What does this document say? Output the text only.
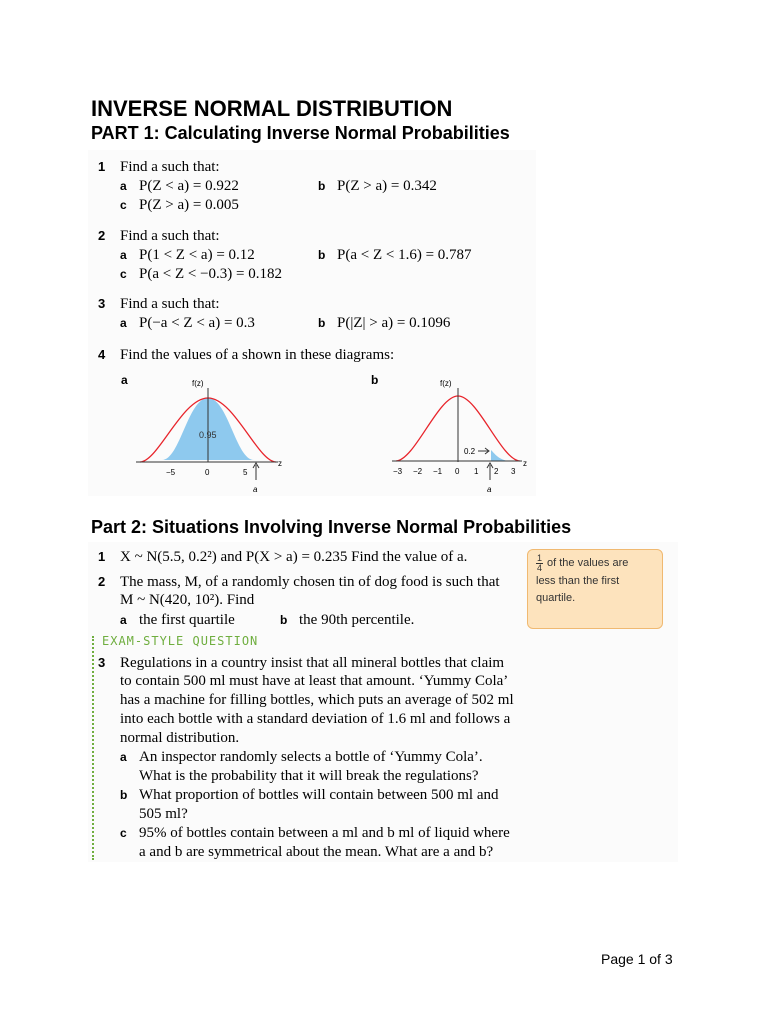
INVERSE NORMAL DISTRIBUTION
PART 1: Calculating Inverse Normal Probabilities
1 Find a such that:
a P(Z < a) = 0.922	b P(Z > a) = 0.342
c P(Z > a) = 0.005
2 Find a such that:
a P(1 < Z < a) = 0.12	b P(a < Z < 1.6) = 0.787
c P(a < Z < −0.3) = 0.182
3 Find a such that:
a P(−a < Z < a) = 0.3	b P(|Z| > a) = 0.1096
4 Find the values of a shown in these diagrams:
a	f(z)
0.95
z
−5	0	5
a
b	f(z)
0.2
z
−3 −2 −1 0 1 2 3
a
Part 2: Situations Involving Inverse Normal Probabilities
1 X ~ N(5.5, 0.2²) and P(X > a) = 0.235 Find the value of a.
2 The mass, M, of a randomly chosen tin of dog food is such that
M ~ N(420, 10²). Find
a the first quartile	b the 90th percentile.
$\frac{1}{4}$ of the values are
less than the first
quartile.
EXAM-STYLE QUESTION
3 Regulations in a country insist that all mineral bottles that claim
to contain 500 ml must have at least that amount. ‘Yummy Cola’
has a machine for filling bottles, which puts an average of 502 ml
into each bottle with a standard deviation of 1.6 ml and follows a
normal distribution.
a An inspector randomly selects a bottle of ‘Yummy Cola’.
What is the probability that it will break the regulations?
b What proportion of bottles will contain between 500 ml and
505 ml?
c 95% of bottles contain between a ml and b ml of liquid where
a and b are symmetrical about the mean. What are a and b?
Page 1 of 3
